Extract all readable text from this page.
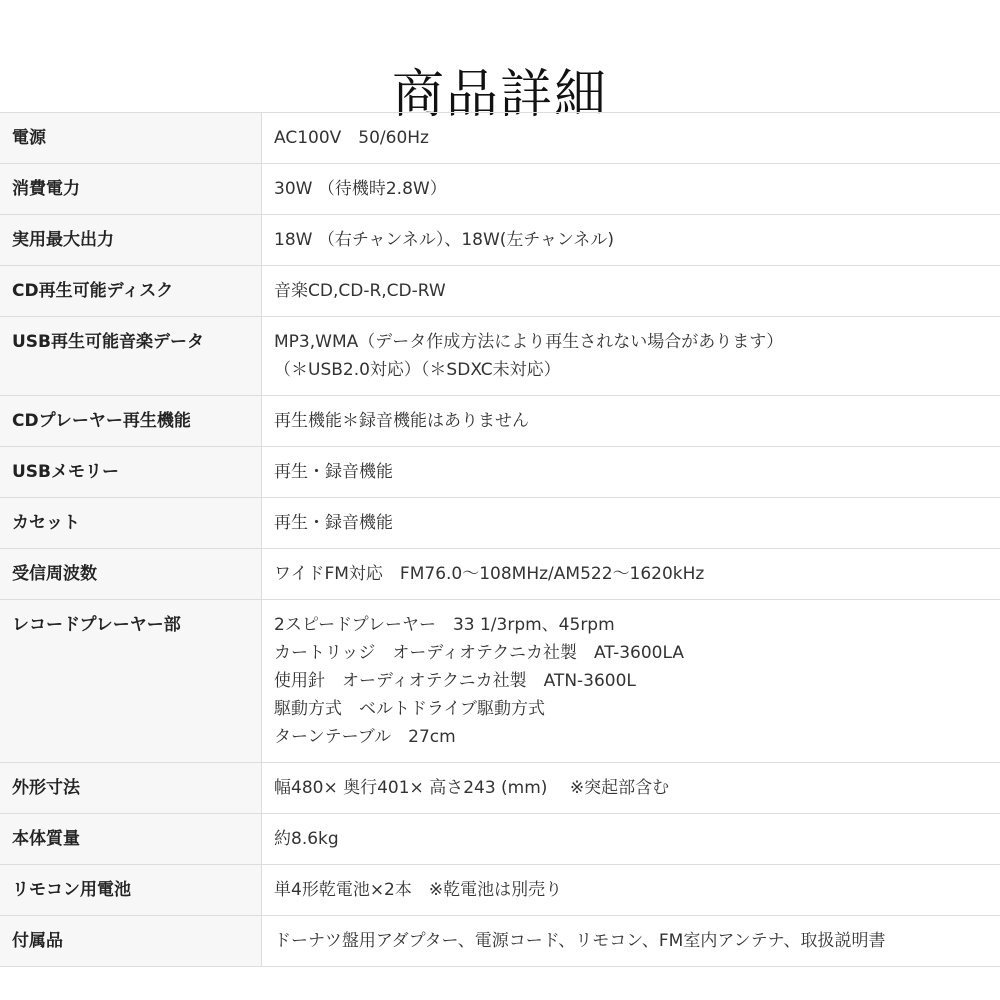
商品詳細
電源	AC100V　50/60Hz

消費電力	30W （待機時2.8W）

実用最大出力	18W （右チャンネル）、18W(左チャンネル)

CD再生可能ディスク	音楽CD,CD-R,CD-RW

USB再生可能音楽データ	MP3,WMA（データ作成方法により再生されない場合があります）
（＊USB2.0対応）（＊SDXC未対応）

CDプレーヤー再生機能	再生機能＊録音機能はありません

USBメモリー	再生・録音機能

カセット	再生・録音機能

受信周波数	ワイドFM対応　FM76.0～108MHz/AM522～1620kHz

レコードプレーヤー部	2スピードプレーヤー　33 1/3rpm、45rpm
カートリッジ　オーディオテクニカ社製　AT-3600LA
使用針　オーディオテクニカ社製　ATN-3600L
駆動方式　ベルトドライブ駆動方式
ターンテーブル　27cm

外形寸法	幅480× 奥行401× 高さ243 (mm)　 ※突起部含む

本体質量	約8.6kg

リモコン用電池	単4形乾電池×2本　※乾電池は別売り

付属品	ドーナツ盤用アダプター、電源コード、リモコン、FM室内アンテナ、取扱説明書
